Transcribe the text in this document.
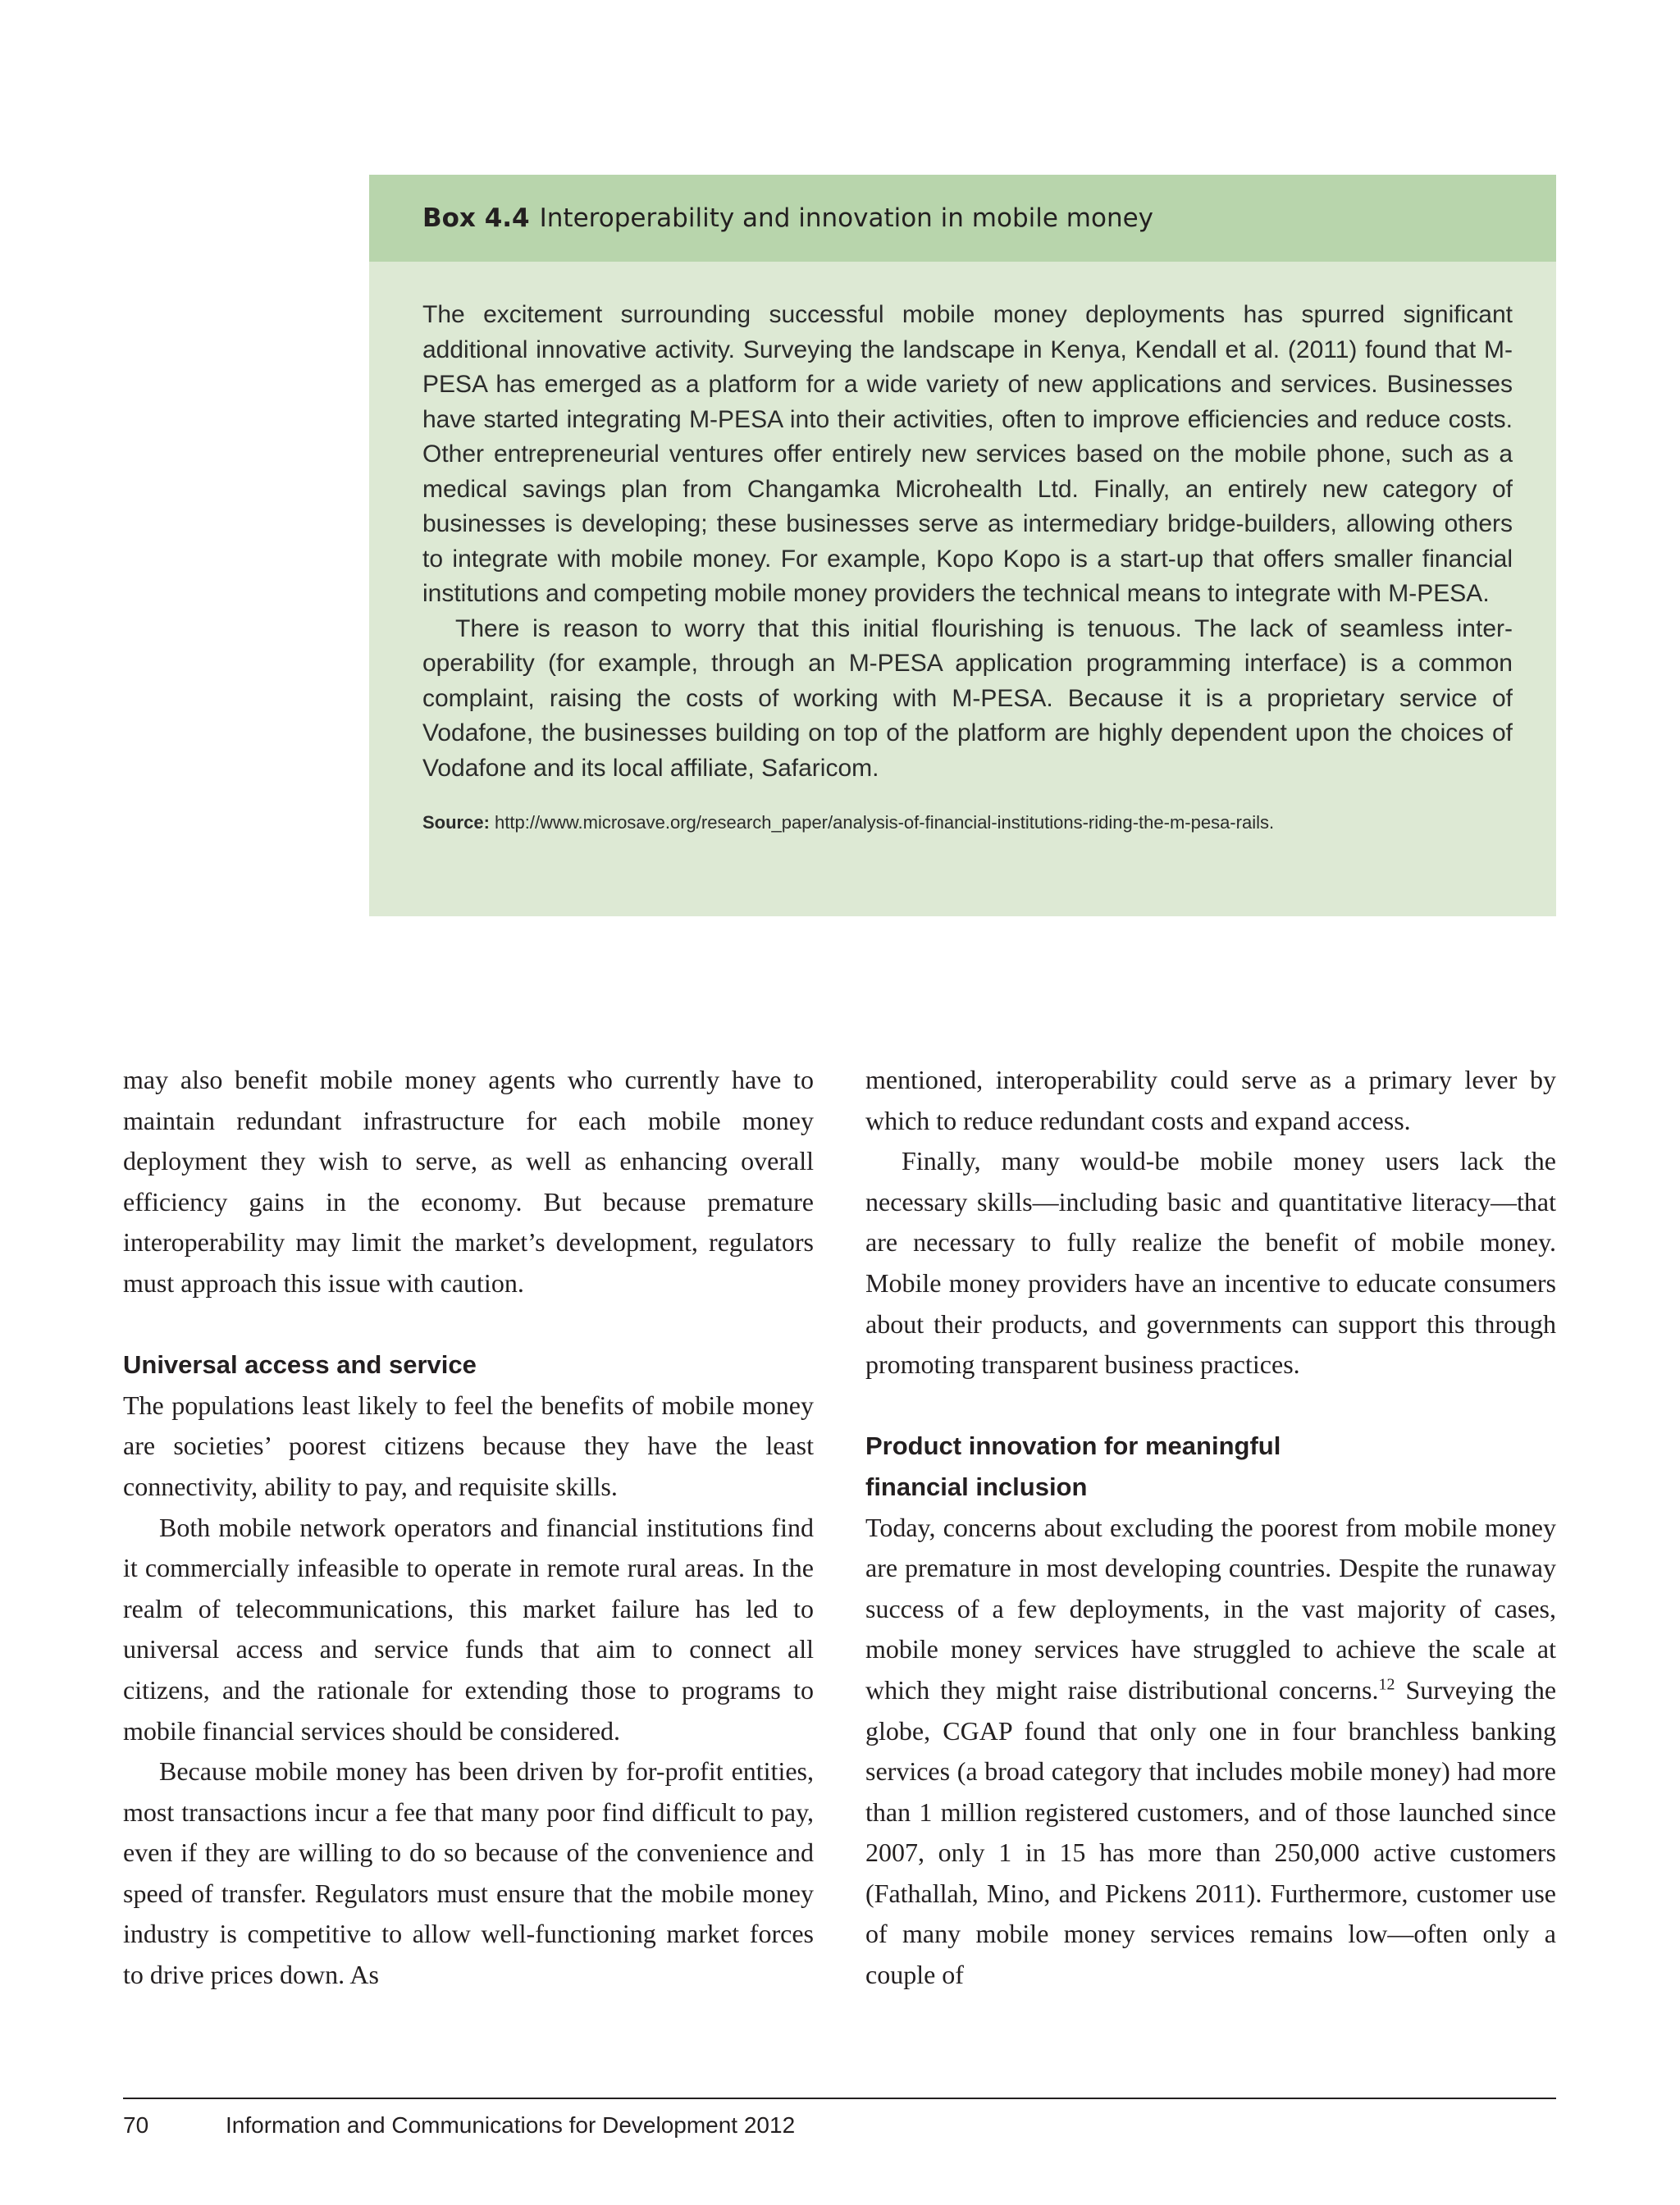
Box 4.4 Interoperability and innovation in mobile money

The excitement surrounding successful mobile money deployments has spurred significant additional innovative activity. Surveying the landscape in Kenya, Kendall et al. (2011) found that M-PESA has emerged as a platform for a wide variety of new applications and services. Businesses have started integrating M-PESA into their activities, often to improve efficiencies and reduce costs. Other entrepreneurial ventures offer entirely new services based on the mobile phone, such as a medical savings plan from Changamka Microhealth Ltd. Finally, an entirely new category of businesses is developing; these businesses serve as intermediary bridge-builders, allowing others to integrate with mobile money. For example, Kopo Kopo is a start-up that offers smaller financial institutions and competing mobile money providers the technical means to integrate with M-PESA.

There is reason to worry that this initial flourishing is tenuous. The lack of seamless interoperability (for example, through an M-PESA application programming interface) is a common complaint, raising the costs of working with M-PESA. Because it is a proprietary service of Vodafone, the businesses building on top of the platform are highly dependent upon the choices of Vodafone and its local affiliate, Safaricom.

Source: http://www.microsave.org/research_paper/analysis-of-financial-institutions-riding-the-m-pesa-rails.

may also benefit mobile money agents who currently have to maintain redundant infrastructure for each mobile money deployment they wish to serve, as well as enhancing overall efficiency gains in the economy. But because premature interoperability may limit the market’s development, regulators must approach this issue with caution.

Universal access and service

The populations least likely to feel the benefits of mobile money are societies’ poorest citizens because they have the least connectivity, ability to pay, and requisite skills.

Both mobile network operators and financial institutions find it commercially infeasible to operate in remote rural areas. In the realm of telecommunications, this market failure has led to universal access and service funds that aim to connect all citizens, and the rationale for extending those to programs to mobile financial services should be considered.

Because mobile money has been driven by for-profit entities, most transactions incur a fee that many poor find difficult to pay, even if they are willing to do so because of the convenience and speed of transfer. Regulators must ensure that the mobile money industry is competitive to allow well-functioning market forces to drive prices down. As

mentioned, interoperability could serve as a primary lever by which to reduce redundant costs and expand access.

Finally, many would-be mobile money users lack the necessary skills—including basic and quantitative literacy—that are necessary to fully realize the benefit of mobile money. Mobile money providers have an incentive to educate consumers about their products, and governments can support this through promoting transparent business practices.

Product innovation for meaningful
financial inclusion

Today, concerns about excluding the poorest from mobile money are premature in most developing countries. Despite the runaway success of a few deployments, in the vast majority of cases, mobile money services have struggled to achieve the scale at which they might raise distributional concerns.$^{12}$ Surveying the globe, CGAP found that only one in four branchless banking services (a broad category that includes mobile money) had more than 1 million registered customers, and of those launched since 2007, only 1 in 15 has more than 250,000 active customers (Fathallah, Mino, and Pickens 2011). Furthermore, customer use of many mobile money services remains low—often only a couple of

70	Information and Communications for Development 2012
